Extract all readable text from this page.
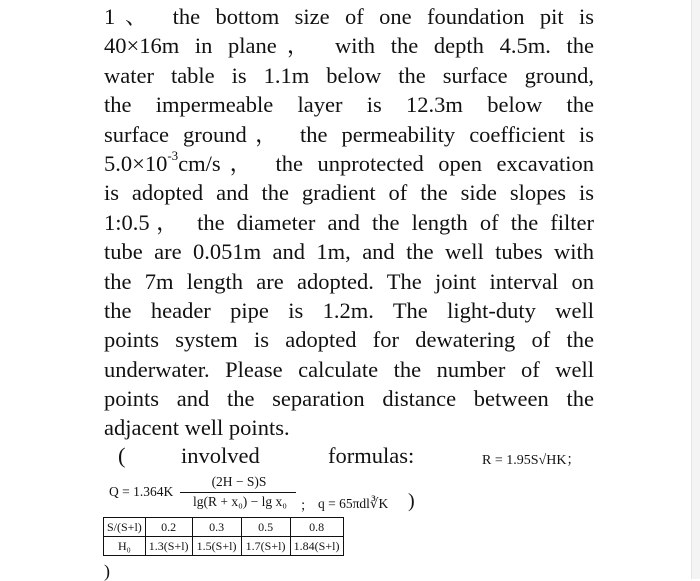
1、 the bottom size of one foundation pit is
40×16m in plane， with the depth 4.5m. the
water table is 1.1m below the surface ground,
the impermeable layer is 12.3m below the
surface ground， the permeability coefficient is
$5.0\times 10^{-3}cm/s$， the unprotected open excavation
is adopted and the gradient of the side slopes is
1:0.5， the diameter and the length of the filter
tube are 0.051m and 1m, and the well tubes with
the 7m length are adopted. The joint interval on
the header pipe is 1.2m. The light-duty well
points system is adopted for dewatering of the
underwater. Please calculate the number of well
points and the separation distance between the
adjacent well points.
( involved	formulas:	R = 1.95S√HK；
Q = 1.364K
(2H − S)S
lg(R + x₀) − lg x₀ ； q = 65πdl∛K )
S/(S+l)	0.2	0.3	0.5	0.8
H₀	1.3(S+l)	1.5(S+l)	1.7(S+l)	1.84(S+l)
)
